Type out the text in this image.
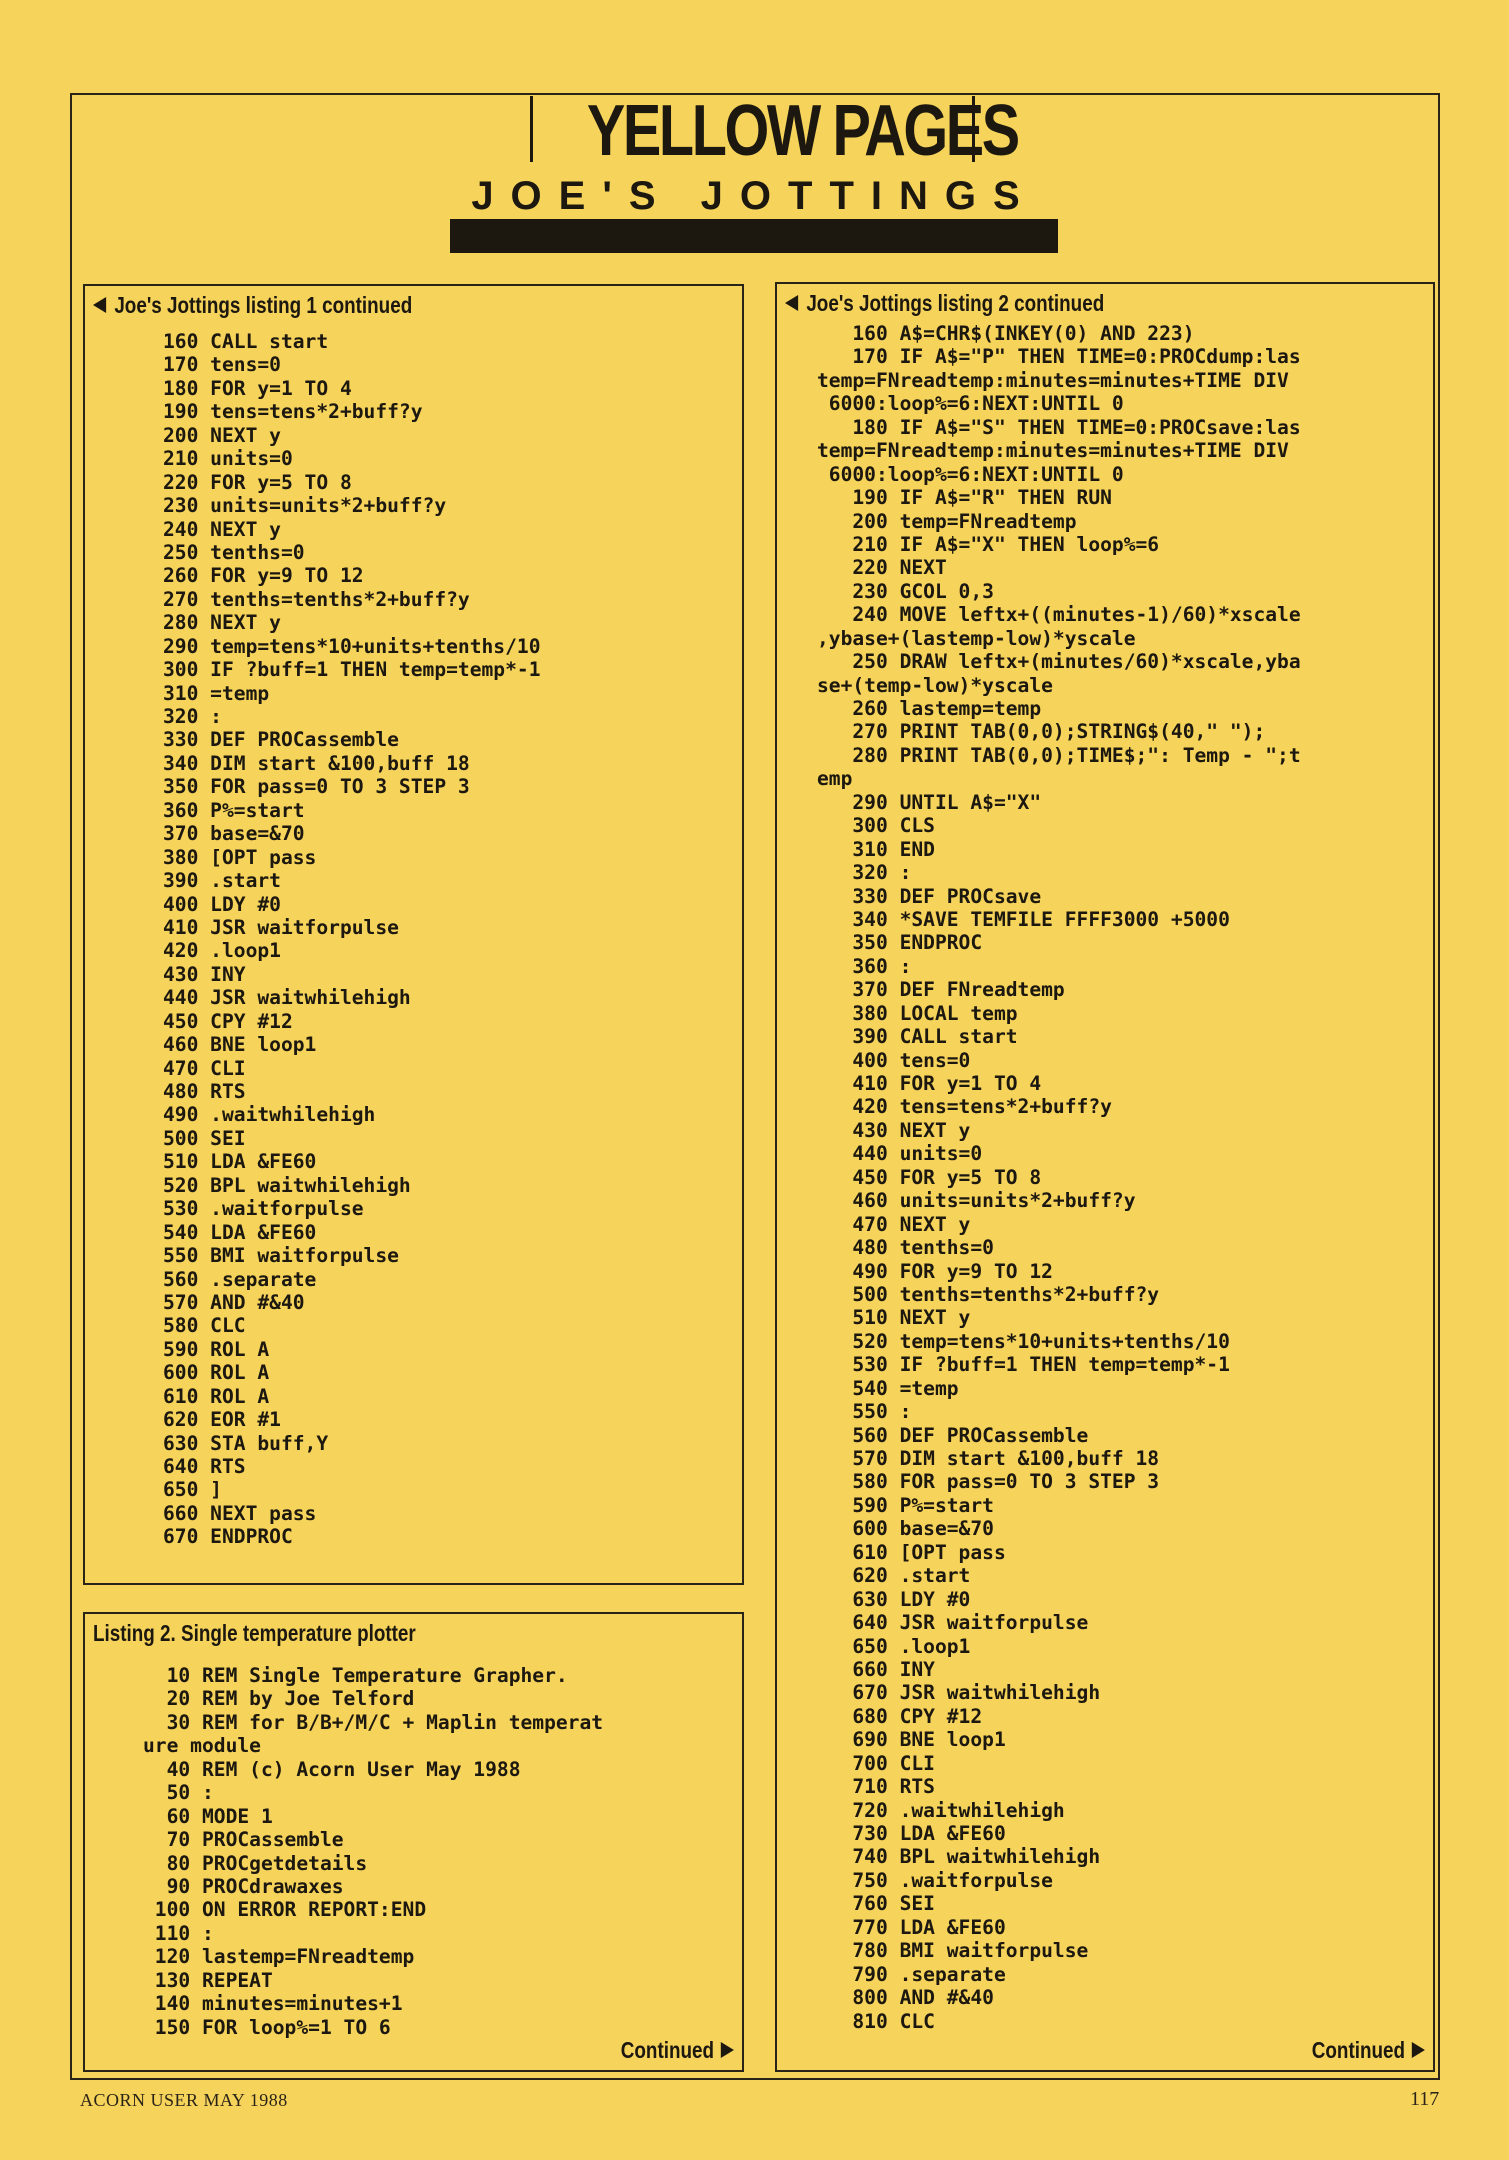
YELLOW PAGES
JOE'S JOTTINGS
Joe's Jottings listing 1 continued
160 CALL start
170 tens=0
180 FOR y=1 TO 4
190 tens=tens*2+buff?y
200 NEXT y
210 units=0
220 FOR y=5 TO 8
230 units=units*2+buff?y
240 NEXT y
250 tenths=0
260 FOR y=9 TO 12
270 tenths=tenths*2+buff?y
280 NEXT y
290 temp=tens*10+units+tenths/10
300 IF ?buff=1 THEN temp=temp*-1
310 =temp
320 :
330 DEF PROCassemble
340 DIM start &100,buff 18
350 FOR pass=0 TO 3 STEP 3
360 P%=start
370 base=&70
380 [OPT pass
390 .start
400 LDY #0
410 JSR waitforpulse
420 .loop1
430 INY
440 JSR waitwhilehigh
450 CPY #12
460 BNE loop1
470 CLI
480 RTS
490 .waitwhilehigh
500 SEI
510 LDA &FE60
520 BPL waitwhilehigh
530 .waitforpulse
540 LDA &FE60
550 BMI waitforpulse
560 .separate
570 AND #&40
580 CLC
590 ROL A
600 ROL A
610 ROL A
620 EOR #1
630 STA buff,Y
640 RTS
650 ]
660 NEXT pass
670 ENDPROC
Listing 2. Single temperature plotter
10 REM Single Temperature Grapher.
20 REM by Joe Telford
30 REM for B/B+/M/C + Maplin temperat
ure module
40 REM (c) Acorn User May 1988
50 :
60 MODE 1
70 PROCassemble
80 PROCgetdetails
90 PROCdrawaxes
100 ON ERROR REPORT:END
110 :
120 lastemp=FNreadtemp
130 REPEAT
140 minutes=minutes+1
150 FOR loop%=1 TO 6
Continued
Joe's Jottings listing 2 continued
160 A$=CHR$(INKEY(0) AND 223)
170 IF A$="P" THEN TIME=0:PROCdump:las
temp=FNreadtemp:minutes=minutes+TIME DIV
6000:loop%=6:NEXT:UNTIL 0
180 IF A$="S" THEN TIME=0:PROCsave:las
temp=FNreadtemp:minutes=minutes+TIME DIV
6000:loop%=6:NEXT:UNTIL 0
190 IF A$="R" THEN RUN
200 temp=FNreadtemp
210 IF A$="X" THEN loop%=6
220 NEXT
230 GCOL 0,3
240 MOVE leftx+((minutes-1)/60)*xscale
,ybase+(lastemp-low)*yscale
250 DRAW leftx+(minutes/60)*xscale,yba
se+(temp-low)*yscale
260 lastemp=temp
270 PRINT TAB(0,0);STRING$(40," ");
280 PRINT TAB(0,0);TIME$;": Temp - ";t
emp
290 UNTIL A$="X"
300 CLS
310 END
320 :
330 DEF PROCsave
340 *SAVE TEMFILE FFFF3000 +5000
350 ENDPROC
360 :
370 DEF FNreadtemp
380 LOCAL temp
390 CALL start
400 tens=0
410 FOR y=1 TO 4
420 tens=tens*2+buff?y
430 NEXT y
440 units=0
450 FOR y=5 TO 8
460 units=units*2+buff?y
470 NEXT y
480 tenths=0
490 FOR y=9 TO 12
500 tenths=tenths*2+buff?y
510 NEXT y
520 temp=tens*10+units+tenths/10
530 IF ?buff=1 THEN temp=temp*-1
540 =temp
550 :
560 DEF PROCassemble
570 DIM start &100,buff 18
580 FOR pass=0 TO 3 STEP 3
590 P%=start
600 base=&70
610 [OPT pass
620 .start
630 LDY #0
640 JSR waitforpulse
650 .loop1
660 INY
670 JSR waitwhilehigh
680 CPY #12
690 BNE loop1
700 CLI
710 RTS
720 .waitwhilehigh
730 LDA &FE60
740 BPL waitwhilehigh
750 .waitforpulse
760 SEI
770 LDA &FE60
780 BMI waitforpulse
790 .separate
800 AND #&40
810 CLC
Continued
ACORN USER MAY 1988	117
